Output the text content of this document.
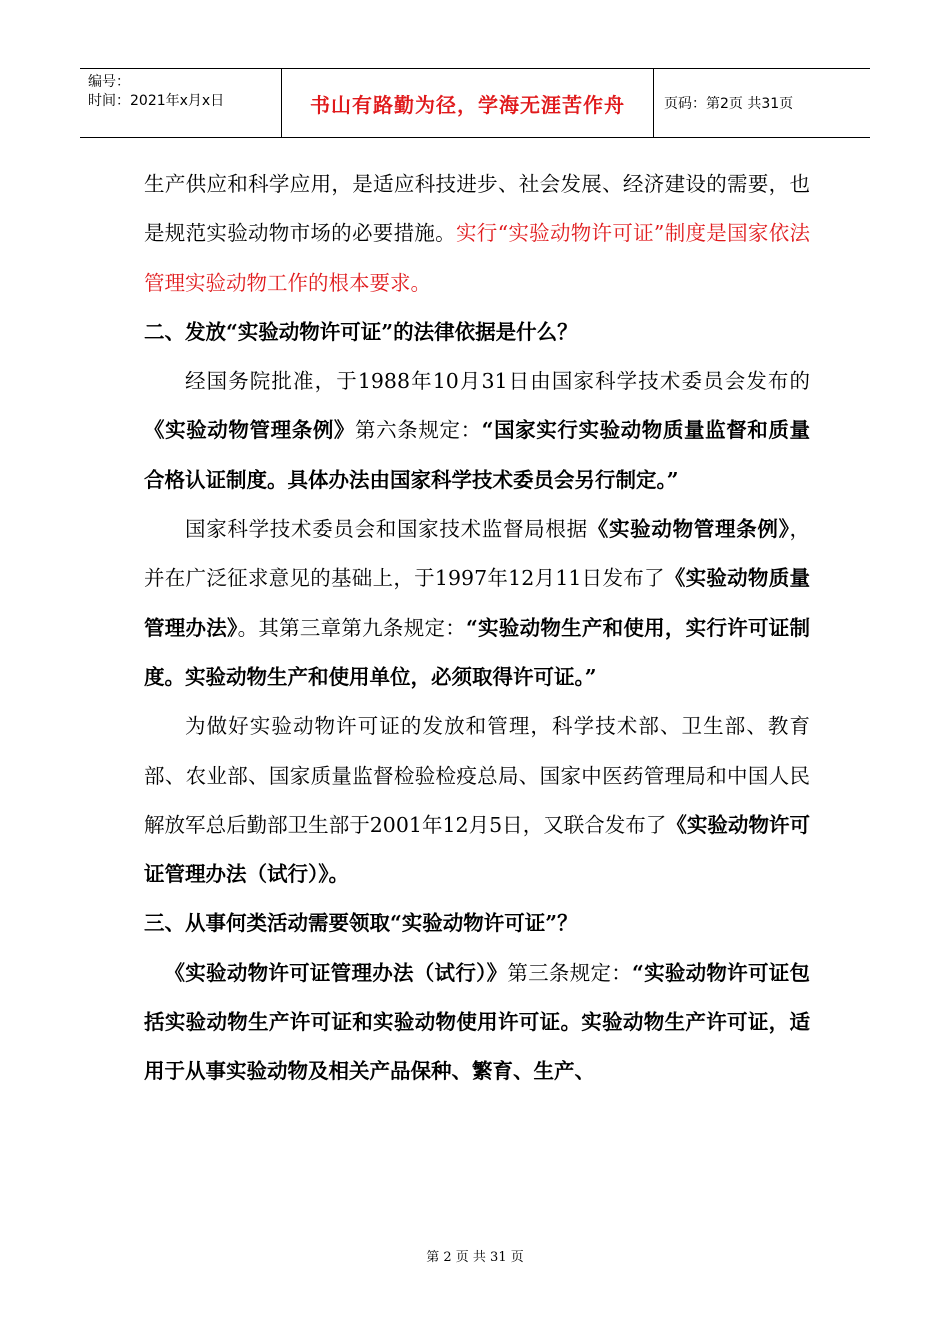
编号：
时间：2021年x月x日	书山有路勤为径，学海无涯苦作舟	页码：第2页 共31页

生产供应和科学应用，是适应科技进步、社会发展、经济建设的需要，也是规范实验动物市场的必要措施。实行“实验动物许可证”制度是国家依法管理实验动物工作的根本要求。

二、发放“实验动物许可证”的法律依据是什么？

经国务院批准，于1988年10月31日由国家科学技术委员会发布的《实验动物管理条例》第六条规定：“国家实行实验动物质量监督和质量合格认证制度。具体办法由国家科学技术委员会另行制定。”

国家科学技术委员会和国家技术监督局根据《实验动物管理条例》，并在广泛征求意见的基础上，于1997年12月11日发布了《实验动物质量管理办法》。其第三章第九条规定：“实验动物生产和使用，实行许可证制度。实验动物生产和使用单位，必须取得许可证。”

为做好实验动物许可证的发放和管理，科学技术部、卫生部、教育部、农业部、国家质量监督检验检疫总局、国家中医药管理局和中国人民解放军总后勤部卫生部于2001年12月5日，又联合发布了《实验动物许可证管理办法（试行）》。

三、从事何类活动需要领取“实验动物许可证”？

《实验动物许可证管理办法（试行）》第三条规定：“实验动物许可证包括实验动物生产许可证和实验动物使用许可证。实验动物生产许可证，适用于从事实验动物及相关产品保种、繁育、生产、

第 2 页 共 31 页
